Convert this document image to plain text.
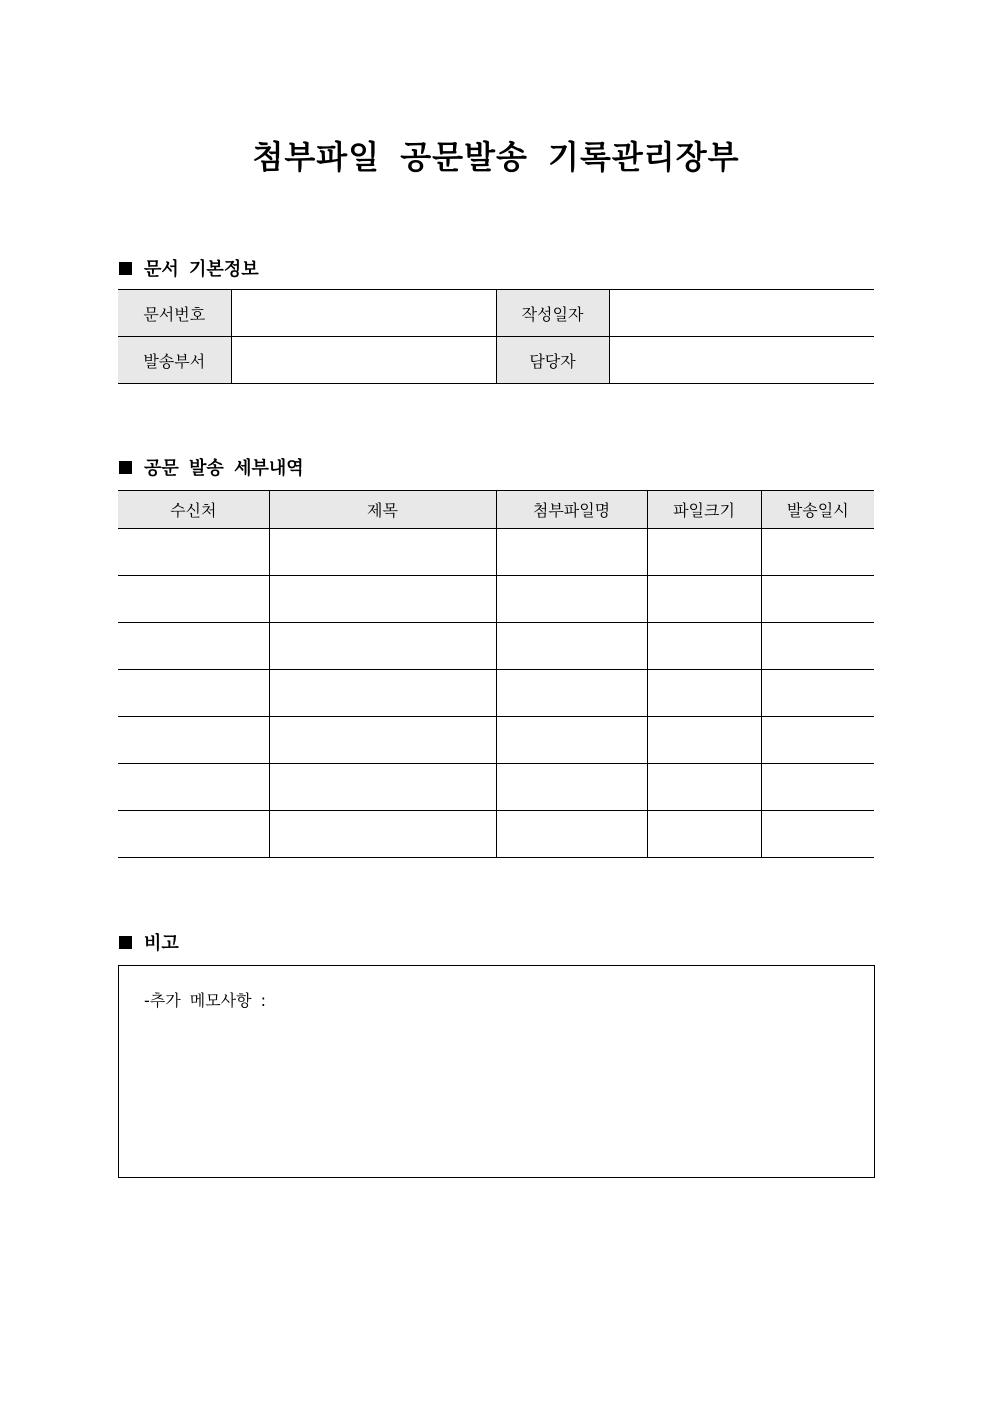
첨부파일 공문발송 기록관리장부
문서 기본정보
문서번호		작성일자	
발송부서		담당자	
공문 발송 세부내역
수신처	제목	첨부파일명	파일크기	발송일시

비고
-추가 메모사항 :
